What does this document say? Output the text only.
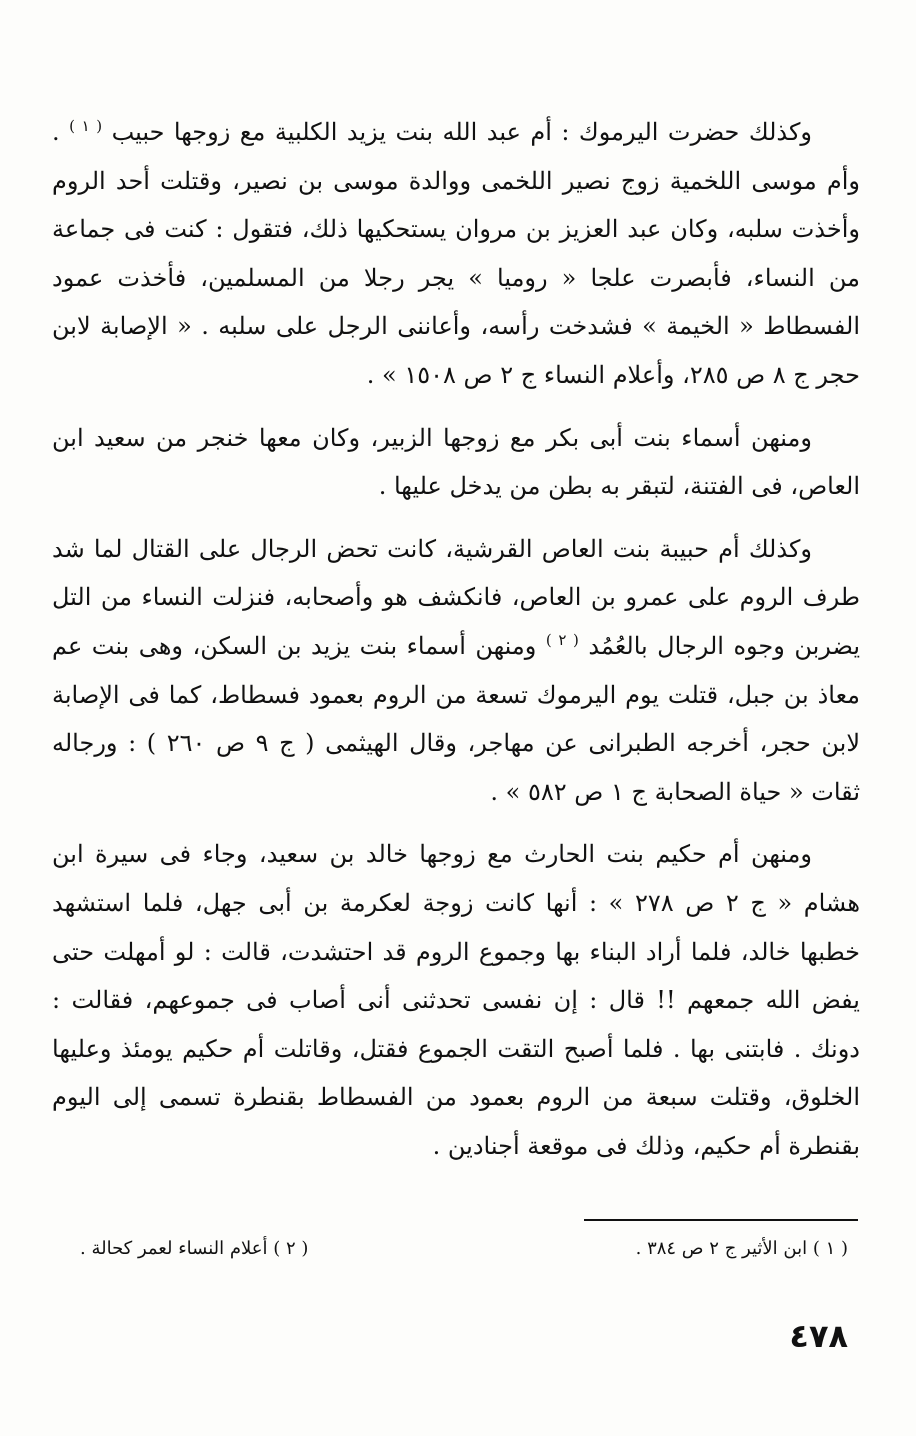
وكذلك حضرت اليرموك : أم عبد الله بنت يزيد الكلبية مع زوجها حبيب $^{( ١ )}$ . وأم موسى اللخمية زوج نصير اللخمى ووالدة موسى بن نصير، وقتلت أحد الروم وأخذت سلبه، وكان عبد العزيز بن مروان يستحكيها ذلك، فتقول : كنت فى جماعة من النساء، فأبصرت علجا « روميا » يجر رجلا من المسلمين، فأخذت عمود الفسطاط « الخيمة » فشدخت رأسه، وأعاننى الرجل على سلبه . « الإصابة لابن حجر ج ٨ ص ٢٨٥، وأعلام النساء ج ٢ ص ١٥٠٨ » .

ومنهن أسماء بنت أبى بكر مع زوجها الزبير، وكان معها خنجر من سعيد ابن العاص، فى الفتنة، لتبقر به بطن من يدخل عليها .

وكذلك أم حبيبة بنت العاص القرشية، كانت تحض الرجال على القتال لما شد طرف الروم على عمرو بن العاص، فانكشف هو وأصحابه، فنزلت النساء من التل يضربن وجوه الرجال بالعُمُد $^{( ٢ )}$ ومنهن أسماء بنت يزيد بن السكن، وهى بنت عم معاذ بن جبل، قتلت يوم اليرموك تسعة من الروم بعمود فسطاط، كما فى الإصابة لابن حجر، أخرجه الطبرانى عن مهاجر، وقال الهيثمى ( ج ٩ ص ٢٦٠ ) : ورجاله ثقات « حياة الصحابة ج ١ ص ٥٨٢ » .

ومنهن أم حكيم بنت الحارث مع زوجها خالد بن سعيد، وجاء فى سيرة ابن هشام « ج ٢ ص ٢٧٨ » : أنها كانت زوجة لعكرمة بن أبى جهل، فلما استشهد خطبها خالد، فلما أراد البناء بها وجموع الروم قد احتشدت، قالت : لو أمهلت حتى يفض الله جمعهم !! قال : إن نفسى تحدثنى أنى أصاب فى جموعهم، فقالت : دونك . فابتنى بها . فلما أصبح التقت الجموع فقتل، وقاتلت أم حكيم يومئذ وعليها الخلوق، وقتلت سبعة من الروم بعمود من الفسطاط بقنطرة تسمى إلى اليوم بقنطرة أم حكيم، وذلك فى موقعة أجنادين .

( ١ ) ابن الأثير ج ٢ ص ٣٨٤ .
( ٢ ) أعلام النساء لعمر كحالة .
٤٧٨
